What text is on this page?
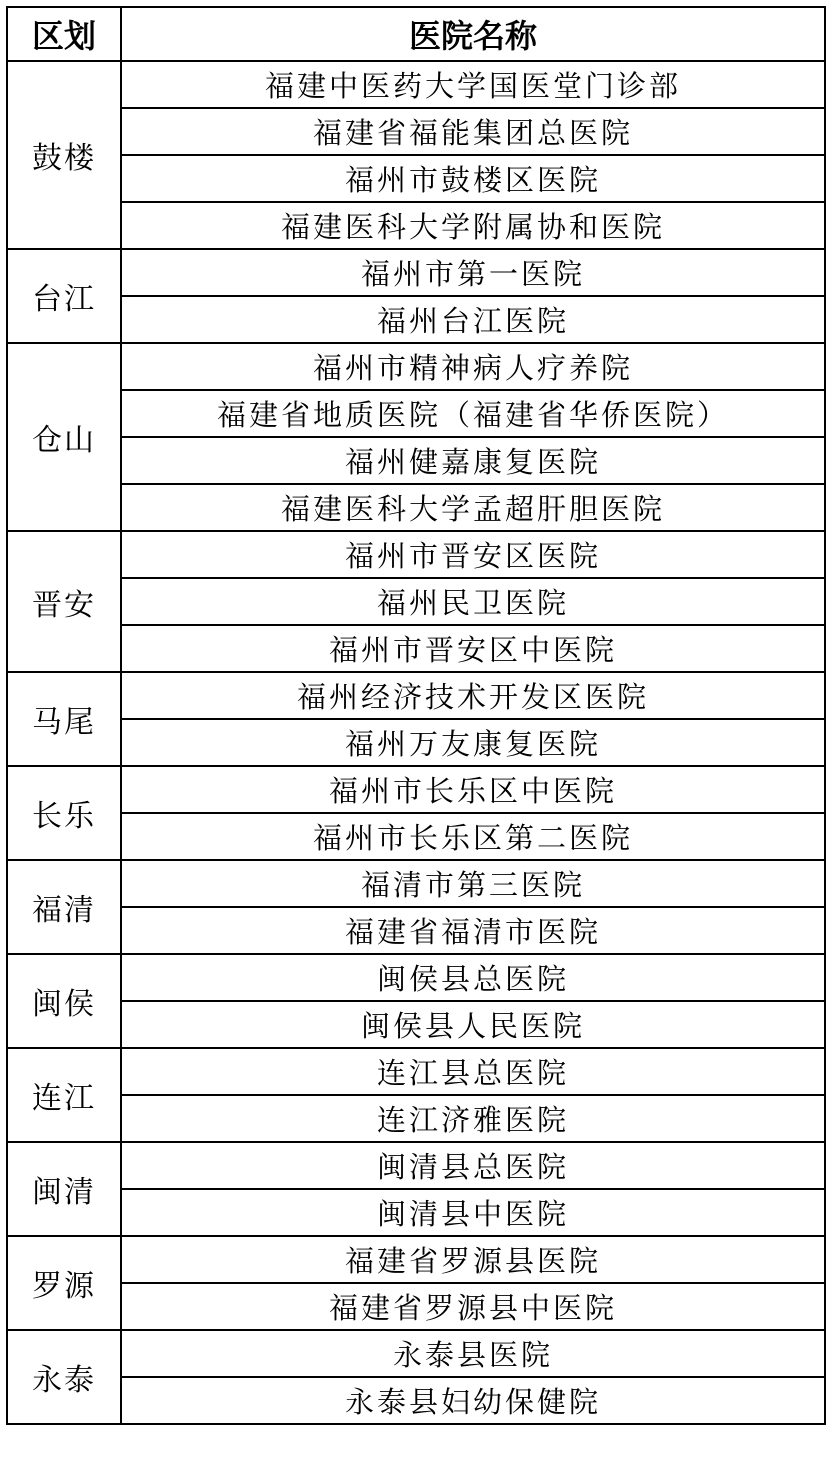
区划	医院名称
鼓楼	福建中医药大学国医堂门诊部
	福建省福能集团总医院
	福州市鼓楼区医院
	福建医科大学附属协和医院
台江	福州市第一医院
	福州台江医院
仓山	福州市精神病人疗养院
	福建省地质医院（福建省华侨医院）
	福州健嘉康复医院
	福建医科大学孟超肝胆医院
晋安	福州市晋安区医院
	福州民卫医院
	福州市晋安区中医院
马尾	福州经济技术开发区医院
	福州万友康复医院
长乐	福州市长乐区中医院
	福州市长乐区第二医院
福清	福清市第三医院
	福建省福清市医院
闽侯	闽侯县总医院
	闽侯县人民医院
连江	连江县总医院
	连江济雅医院
闽清	闽清县总医院
	闽清县中医院
罗源	福建省罗源县医院
	福建省罗源县中医院
永泰	永泰县医院
	永泰县妇幼保健院
